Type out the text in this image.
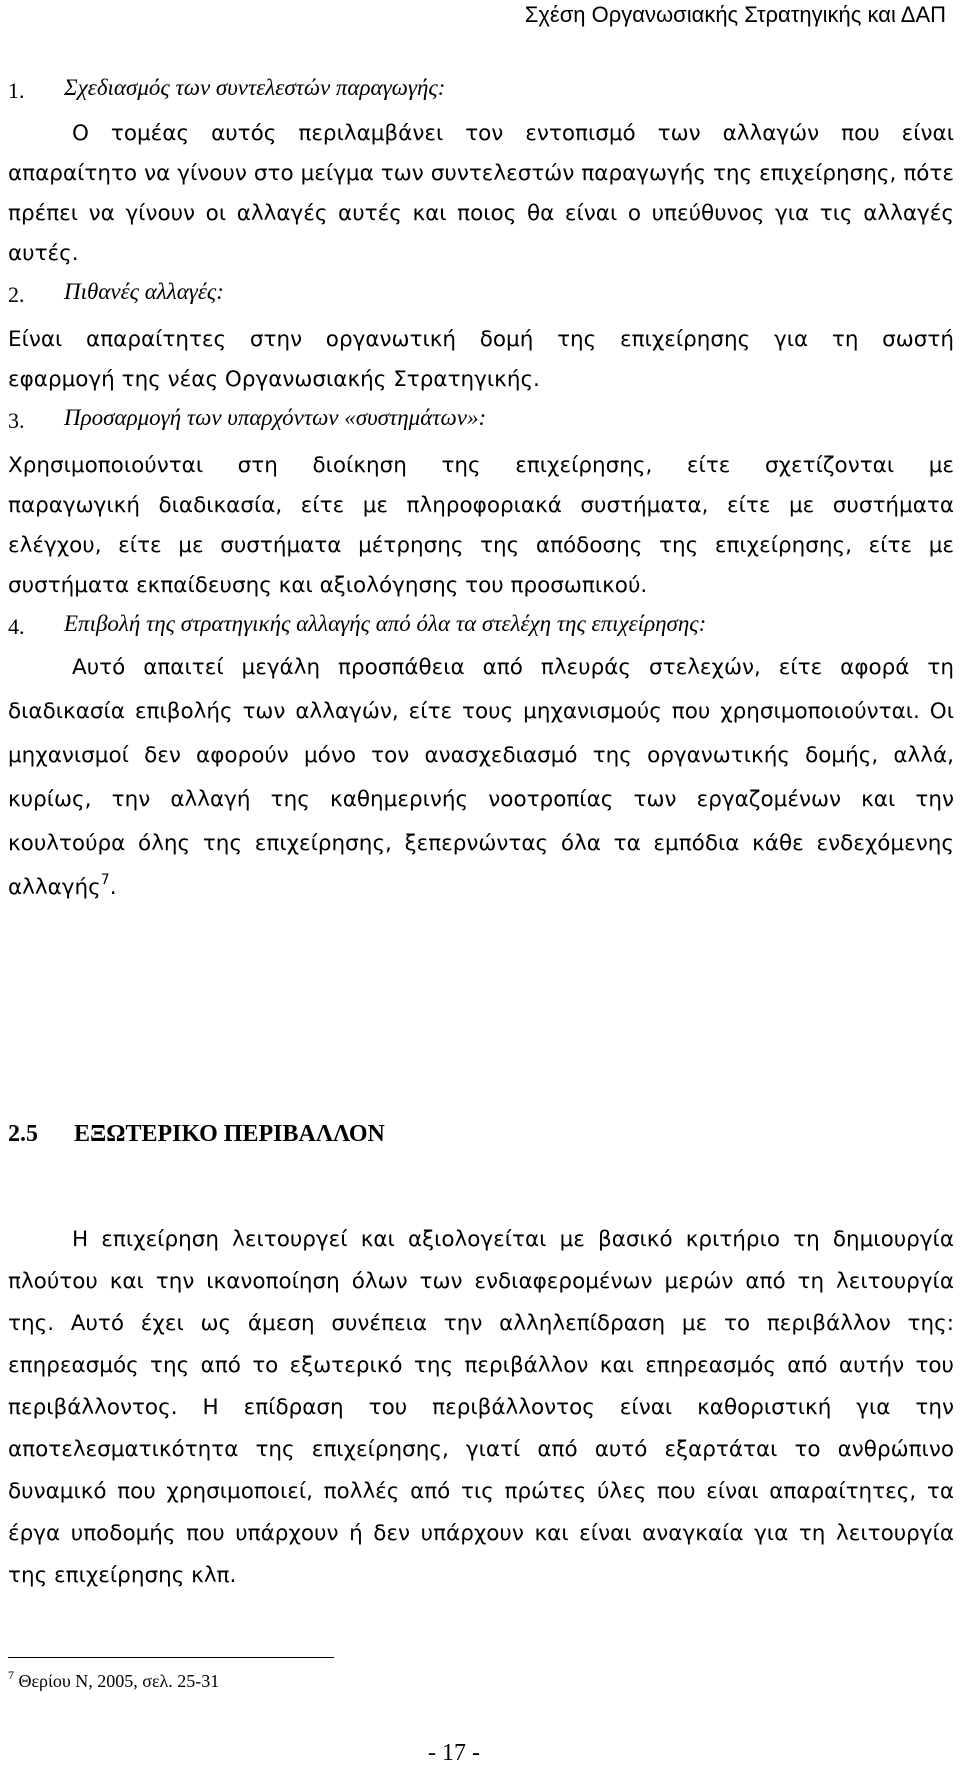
Σχέση Οργανωσιακής Στρατηγικής και ΔΑΠ
1. Σχεδιασμός των συντελεστών παραγωγής:
Ο τομέας αυτός περιλαμβάνει τον εντοπισμό των αλλαγών που είναι
απαραίτητο να γίνουν στο μείγμα των συντελεστών παραγωγής της επιχείρησης, πότε
πρέπει να γίνουν οι αλλαγές αυτές και ποιος θα είναι ο υπεύθυνος για τις αλλαγές
αυτές.
2. Πιθανές αλλαγές:
Είναι απαραίτητες στην οργανωτική δομή της επιχείρησης για τη σωστή
εφαρμογή της νέας Οργανωσιακής Στρατηγικής.
3. Προσαρμογή των υπαρχόντων «συστημάτων»:
Χρησιμοποιούνται στη διοίκηση της επιχείρησης, είτε σχετίζονται με
παραγωγική διαδικασία, είτε με πληροφοριακά συστήματα, είτε με συστήματα
ελέγχου, είτε με συστήματα μέτρησης της απόδοσης της επιχείρησης, είτε με
συστήματα εκπαίδευσης και αξιολόγησης του προσωπικού.
4. Επιβολή της στρατηγικής αλλαγής από όλα τα στελέχη της επιχείρησης:
Αυτό απαιτεί μεγάλη προσπάθεια από πλευράς στελεχών, είτε αφορά τη
διαδικασία επιβολής των αλλαγών, είτε τους μηχανισμούς που χρησιμοποιούνται. Οι
μηχανισμοί δεν αφορούν μόνο τον ανασχεδιασμό της οργανωτικής δομής, αλλά,
κυρίως, την αλλαγή της καθημερινής νοοτροπίας των εργαζομένων και την
κουλτούρα όλης της επιχείρησης, ξεπερνώντας όλα τα εμπόδια κάθε ενδεχόμενης
αλλαγής$^7$.
2.5 ΕΞΩΤΕΡΙΚΟ ΠΕΡΙΒΑΛΛΟΝ
Η επιχείρηση λειτουργεί και αξιολογείται με βασικό κριτήριο τη δημιουργία
πλούτου και την ικανοποίηση όλων των ενδιαφερομένων μερών από τη λειτουργία
της. Αυτό έχει ως άμεση συνέπεια την αλληλεπίδραση με το περιβάλλον της:
επηρεασμός της από το εξωτερικό της περιβάλλον και επηρεασμός από αυτήν του
περιβάλλοντος. Η επίδραση του περιβάλλοντος είναι καθοριστική για την
αποτελεσματικότητα της επιχείρησης, γιατί από αυτό εξαρτάται το ανθρώπινο
δυναμικό που χρησιμοποιεί, πολλές από τις πρώτες ύλες που είναι απαραίτητες, τα
έργα υποδομής που υπάρχουν ή δεν υπάρχουν και είναι αναγκαία για τη λειτουργία
της επιχείρησης κλπ.
$^7$ Θερίου Ν, 2005, σελ. 25-31
- 17 -
